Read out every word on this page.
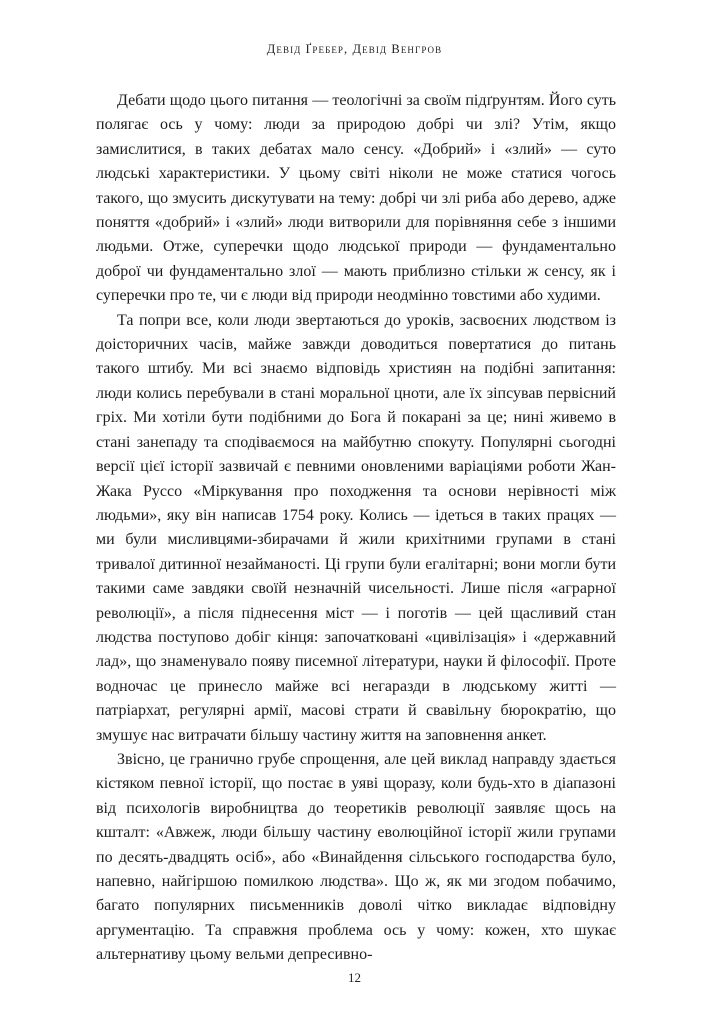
Девід Ґребер, Девід Венгров

Дебати щодо цього питання — теологічні за своїм підґрунтям. Його суть полягає ось у чому: люди за природою добрі чи злі? Утім, якщо замислитися, в таких дебатах мало сенсу. «Добрий» і «злий» — суто людські характеристики. У цьому світі ніколи не може статися чогось такого, що змусить дискутувати на тему: добрі чи злі риба або дерево, адже поняття «добрий» і «злий» люди витворили для порівняння себе з іншими людьми. Отже, суперечки щодо людської природи — фундаментально доброї чи фундаментально злої — мають приблизно стільки ж сенсу, як і суперечки про те, чи є люди від природи неодмінно товстими або худими.

Та попри все, коли люди звертаються до уроків, засвоєних людством із доісторичних часів, майже завжди доводиться повертатися до питань такого штибу. Ми всі знаємо відповідь християн на подібні запитання: люди колись перебували в стані моральної цноти, але їх зіпсував первісний гріх. Ми хотіли бути подібними до Бога й покарані за це; нині живемо в стані занепаду та сподіваємося на майбутню спокуту. Популярні сьогодні версії цієї історії зазвичай є певними оновленими варіаціями роботи Жан-Жака Руссо «Міркування про походження та основи нерівності між людьми», яку він написав 1754 року. Колись — ідеться в таких працях — ми були мисливцями-збирачами й жили крихітними групами в стані тривалої дитинної незайманості. Ці групи були егалітарні; вони могли бути такими саме завдяки своїй незначній чисельності. Лише після «аграрної революції», а після піднесення міст — і поготів — цей щасливий стан людства поступово добіг кінця: започатковані «цивілізація» і «державний лад», що знаменувало появу писемної літератури, науки й філософії. Проте водночас це принесло майже всі негаразди в людському житті — патріархат, регулярні армії, масові страти й свавільну бюрократію, що змушує нас витрачати більшу частину життя на заповнення анкет.

Звісно, це гранично грубе спрощення, але цей виклад направду здається кістяком певної історії, що постає в уяві щоразу, коли будь-хто в діапазоні від психологів виробництва до теоретиків революції заявляє щось на кшталт: «Авжеж, люди більшу частину еволюційної історії жили групами по десять-двадцять осіб», або «Винайдення сільського господарства було, напевно, найгіршою помилкою людства». Що ж, як ми згодом побачимо, багато популярних письменників доволі чітко викладає відповідну аргументацію. Та справжня проблема ось у чому: кожен, хто шукає альтернативу цьому вельми депресивно-

12
